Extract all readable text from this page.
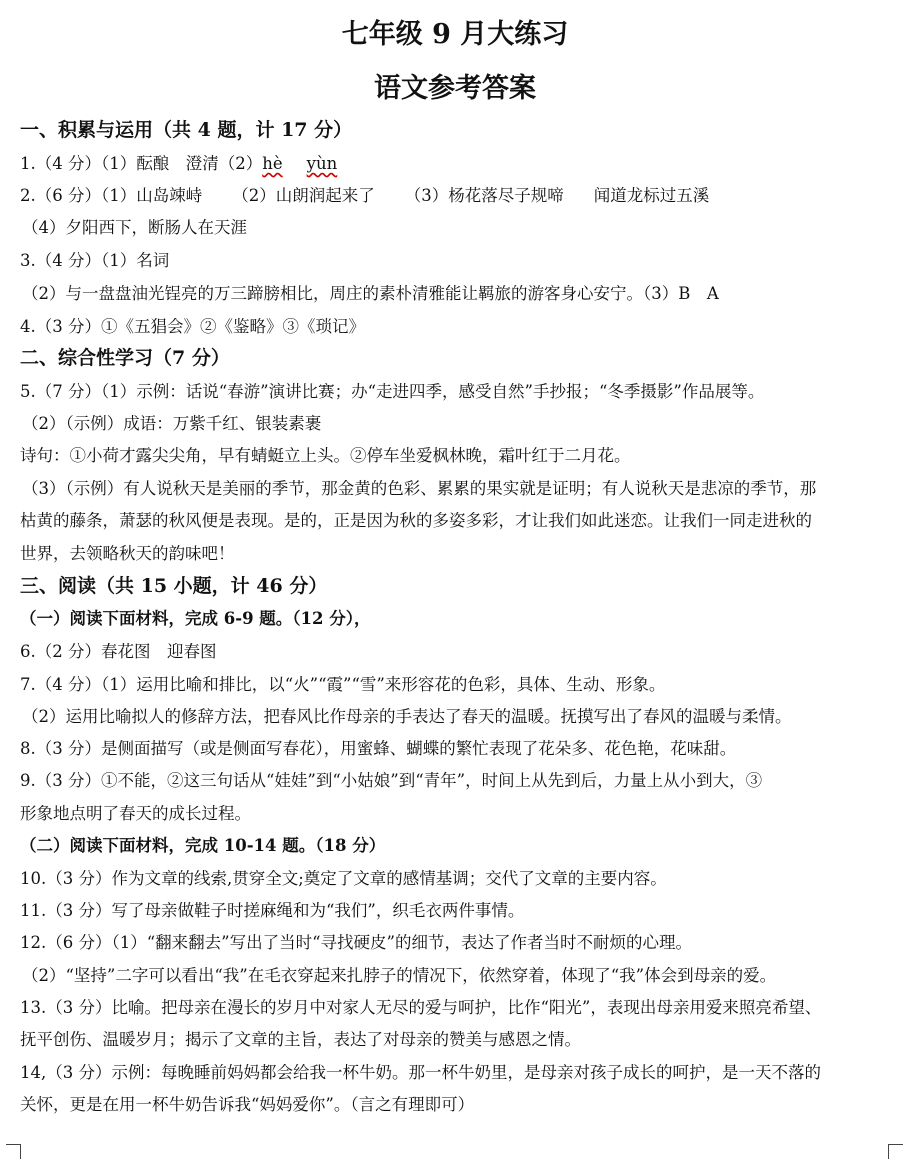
七年级 9 月大练习
语文参考答案
一、积累与运用（共 4 题，计 17 分）
1.（4 分）（1）酝酿　澄清（2）hè yùn
2.（6 分）（1）山岛竦峙 （2）山朗润起来了 （3）杨花落尽子规啼 闻道龙标过五溪
（4）夕阳西下，断肠人在天涯
3.（4 分）（1）名词
（2）与一盘盘油光锃亮的万三蹄膀相比，周庄的素朴清雅能让羁旅的游客身心安宁。（3）B　A
4.（3 分）①《五猖会》②《鉴略》③《琐记》
二、综合性学习（7 分）
5.（7 分）（1）示例：话说“春游”演讲比赛；办“走进四季，感受自然”手抄报；“冬季摄影”作品展等。
（2）（示例）成语：万紫千红、银装素裹
诗句：①小荷才露尖尖角，早有蜻蜓立上头。②停车坐爱枫林晚，霜叶红于二月花。
（3）（示例）有人说秋天是美丽的季节，那金黄的色彩、累累的果实就是证明；有人说秋天是悲凉的季节，那
枯黄的藤条，萧瑟的秋风便是表现。是的，正是因为秋的多姿多彩，才让我们如此迷恋。让我们一同走进秋的
世界，去领略秋天的韵味吧！
三、阅读（共 15 小题，计 46 分）
（一）阅读下面材料，完成 6-9 题。（12 分），
6.（2 分）春花图　迎春图
7.（4 分）（1）运用比喻和排比，以“火”“霞”“雪”来形容花的色彩，具体、生动、形象。
（2）运用比喻拟人的修辞方法，把春风比作母亲的手表达了春天的温暖。抚摸写出了春风的温暖与柔情。
8.（3 分）是侧面描写（或是侧面写春花），用蜜蜂、蝴蝶的繁忙表现了花朵多、花色艳，花味甜。
9.（3 分）①不能，②这三句话从“娃娃”到“小姑娘”到“青年”，时间上从先到后，力量上从小到大，③
形象地点明了春天的成长过程。
（二）阅读下面材料，完成 10-14 题。（18 分）
10.（3 分）作为文章的线索,贯穿全文;奠定了文章的感情基调；交代了文章的主要内容。
11.（3 分）写了母亲做鞋子时搓麻绳和为“我们”，织毛衣两件事情。
12.（6 分）（1）“翻来翻去”写出了当时“寻找硬皮”的细节，表达了作者当时不耐烦的心理。
（2）“坚持”二字可以看出“我”在毛衣穿起来扎脖子的情况下，依然穿着，体现了“我”体会到母亲的爱。
13.（3 分）比喻。把母亲在漫长的岁月中对家人无尽的爱与呵护，比作“阳光”，表现出母亲用爱来照亮希望、
抚平创伤、温暖岁月；揭示了文章的主旨，表达了对母亲的赞美与感恩之情。
14,（3 分）示例：每晚睡前妈妈都会给我一杯牛奶。那一杯牛奶里，是母亲对孩子成长的呵护，是一天不落的
关怀，更是在用一杯牛奶告诉我“妈妈爱你”。（言之有理即可）
